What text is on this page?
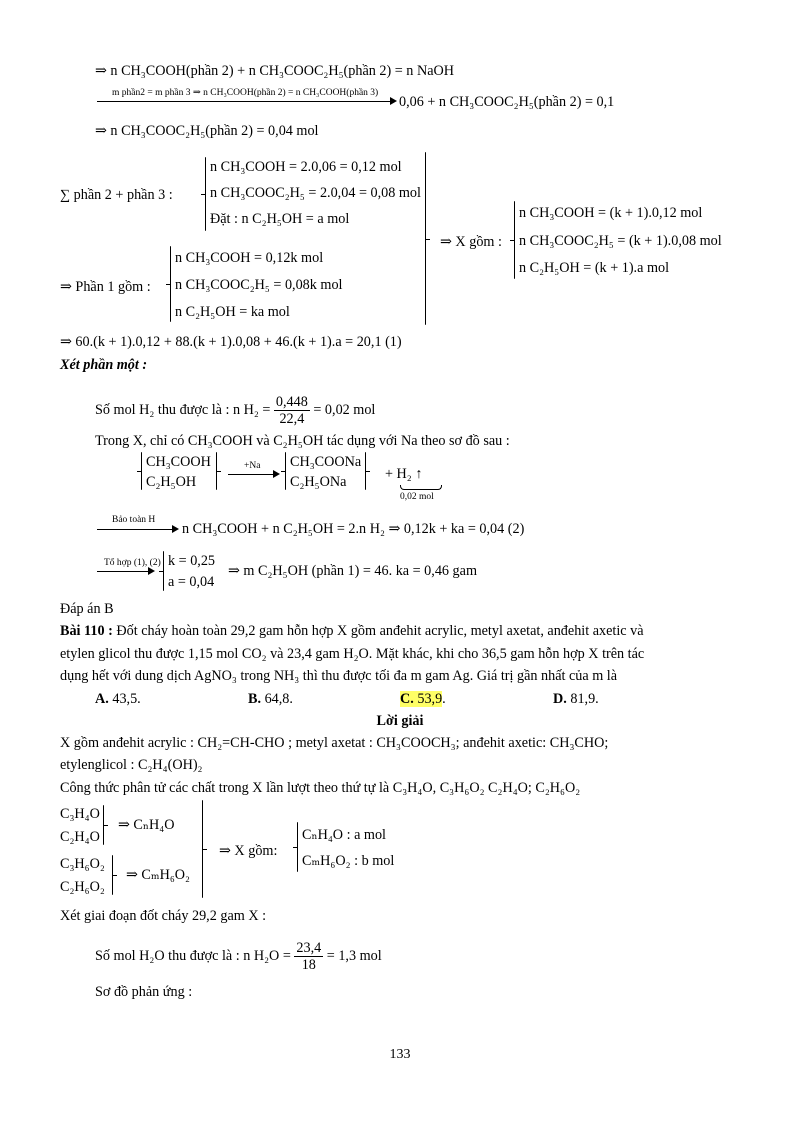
⇒ n CH₃COOH(phần 2) + n CH₃COOC₂H₅(phần 2) = n NaOH
m phần2 = m phần 3 ⇒ n CH₃COOH(phần 2) = n CH₃COOH(phần 3)
0,06 + n CH₃COOC₂H₅(phần 2) = 0,1
⇒ n CH₃COOC₂H₅(phần 2) = 0,04 mol
∑ phần 2 + phần 3 :
n CH₃COOH = 2.0,06 = 0,12 mol
n CH₃COOC₂H₅ = 2.0,04 = 0,08 mol
Đặt : n C₂H₅OH = a mol
⇒ X gồm :
n CH₃COOH = (k + 1).0,12 mol
n CH₃COOC₂H₅ = (k + 1).0,08 mol
n C₂H₅OH = (k + 1).a mol
⇒ Phần 1 gồm :
n CH₃COOH = 0,12k mol
n CH₃COOC₂H₅ = 0,08k mol
n C₂H₅OH = ka mol
⇒ 60.(k + 1).0,12 + 88.(k + 1).0,08 + 46.(k + 1).a = 20,1 (1)
Xét phần một :
Số mol H₂ thu được là : n $H_2 = \frac{0,448}{22,4} = 0,02$ mol
Trong X, chỉ có CH₃COOH và C₂H₅OH tác dụng với Na theo sơ đồ sau :
CH₃COOH
C₂H₅OH
+Na CH₃COONa
C₂H₅ONa	+ H₂ ↑
0,02 mol
Bảo toàn H
n CH₃COOH + n C₂H₅OH = 2.n H₂ ⇒ 0,12k + ka = 0,04 (2)
Tổ hợp (1), (2) k = 0,25
a = 0,04
⇒ m C₂H₅OH (phần 1) = 46. ka = 0,46 gam
Đáp án B
Bài 110 : Đốt cháy hoàn toàn 29,2 gam hỗn hợp X gồm anđehit acrylic, metyl axetat, anđehit axetic và
etylen glicol thu được 1,15 mol CO₂ và 23,4 gam H₂O. Mặt khác, khi cho 36,5 gam hỗn hợp X trên tác
dụng hết với dung dịch AgNO₃ trong NH₃ thì thu được tối đa m gam Ag. Giá trị gần nhất của m là
A. 43,5.	B. 64,8.	C. 53,9.	D. 81,9.
Lời giải
X gồm anđehit acrylic : CH₂=CH-CHO ; metyl axetat : CH₃COOCH₃; anđehit axetic: CH₃CHO;
etylenglicol : C₂H₄(OH)₂
Công thức phân tử các chất trong X lần lượt theo thứ tự là C₃H₄O, C₃H₆O₂ C₂H₄O; C₂H₆O₂
C₃H₄O
C₂H₄O
⇒ CₙH₄O
C₃H₆O₂
C₂H₆O₂
⇒ CₘH₆O₂
⇒ X gồm:
CₙH₄O : a mol
CₘH₆O₂ : b mol
Xét giai đoạn đốt cháy 29,2 gam X :
Số mol H₂O thu được là : n $H_2O = \frac{23,4}{18} = 1,3$ mol
Sơ đồ phản ứng :
133
